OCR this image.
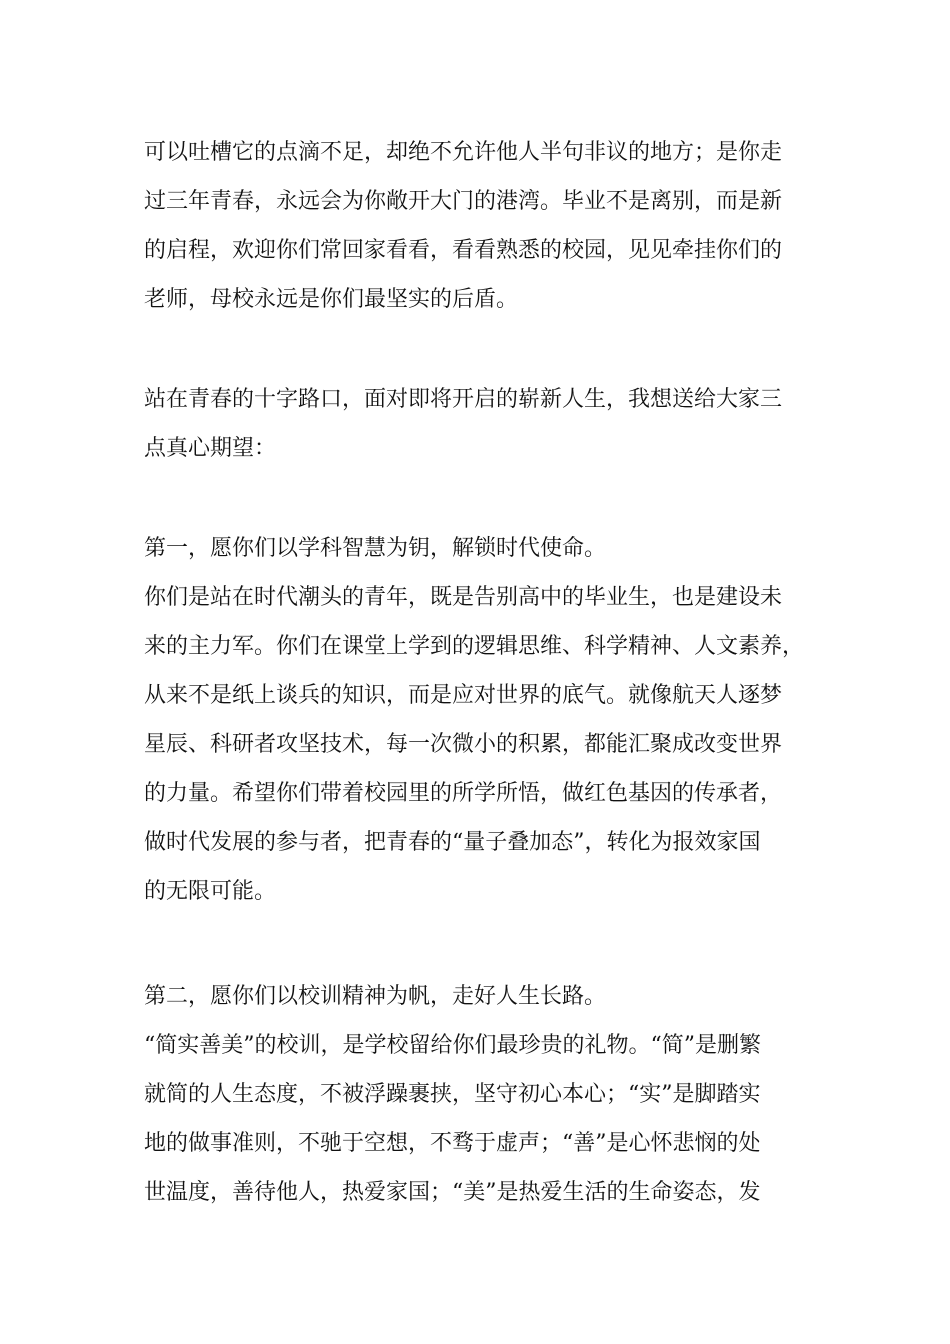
可以吐槽它的点滴不足，却绝不允许他人半句非议的地方；是你走
过三年青春，永远会为你敞开大门的港湾。毕业不是离别，而是新
的启程，欢迎你们常回家看看，看看熟悉的校园，见见牵挂你们的
老师，母校永远是你们最坚实的后盾。
站在青春的十字路口，面对即将开启的崭新人生，我想送给大家三
点真心期望：
第一，愿你们以学科智慧为钥，解锁时代使命。
你们是站在时代潮头的青年，既是告别高中的毕业生，也是建设未
来的主力军。你们在课堂上学到的逻辑思维、科学精神、人文素养，
从来不是纸上谈兵的知识，而是应对世界的底气。就像航天人逐梦
星辰、科研者攻坚技术，每一次微小的积累，都能汇聚成改变世界
的力量。希望你们带着校园里的所学所悟，做红色基因的传承者，
做时代发展的参与者，把青春的“量子叠加态”，转化为报效家国
的无限可能。
第二，愿你们以校训精神为帆，走好人生长路。
“简实善美”的校训，是学校留给你们最珍贵的礼物。“简”是删繁
就简的人生态度，不被浮躁裹挟，坚守初心本心；“实”是脚踏实
地的做事准则，不驰于空想，不骛于虚声；“善”是心怀悲悯的处
世温度，善待他人，热爱家国；“美”是热爱生活的生命姿态，发
